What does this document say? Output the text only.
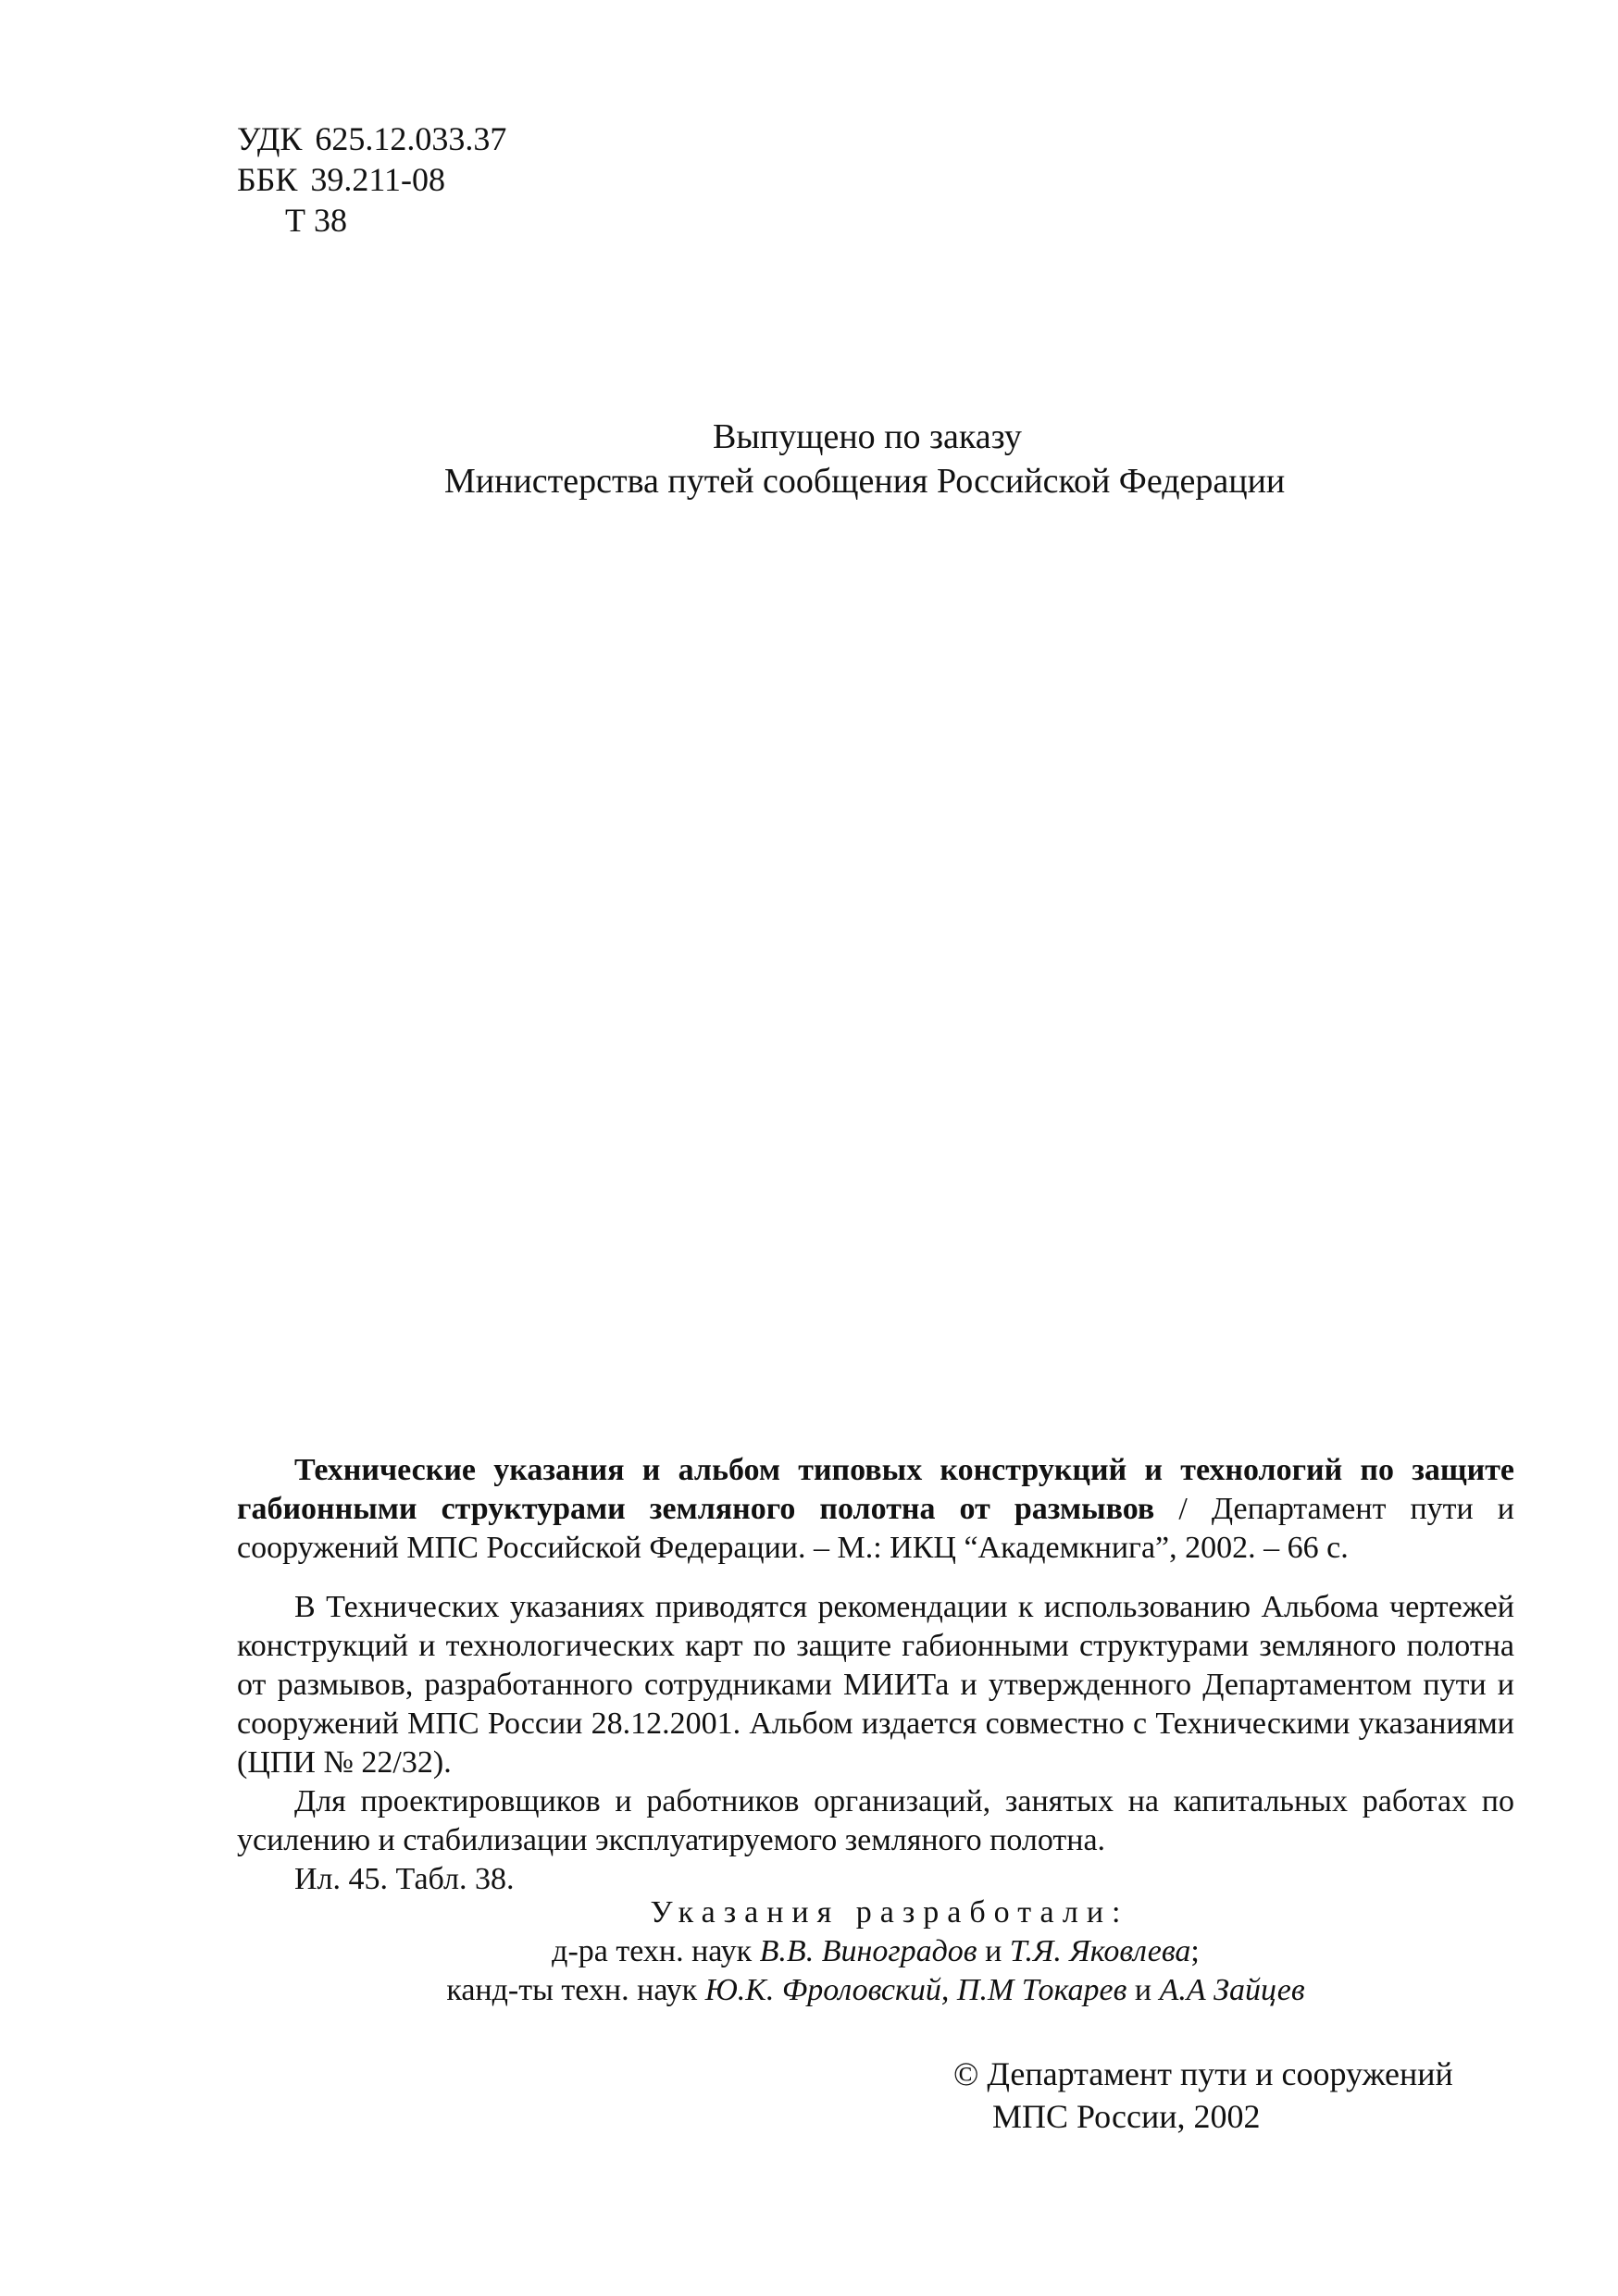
УДК 625.12.033.37
ББК 39.211-08
Т 38
Выпущено по заказу
Министерства путей сообщения Российской Федерации

Технические указания и альбом типовых конструкций и технологий по защите габионными структурами земляного полотна от размывов / Департамент пути и сооружений МПС Российской Федерации. – М.: ИКЦ “Академкнига”, 2002. – 66 с.

В Технических указаниях приводятся рекомендации к использованию Альбома чертежей конструкций и технологических карт по защите габионными структурами земляного полотна от размывов, разработанного сотрудниками МИИТа и утвержденного Департаментом пути и сооружений МПС России 28.12.2001. Альбом издается совместно с Техническими указаниями (ЦПИ № 22/32).

Для проектировщиков и работников организаций, занятых на капитальных работах по усилению и стабилизации эксплуатируемого земляного полотна.

Ил. 45. Табл. 38.

Указания разработали:
д-ра техн. наук В.В. Виноградов и Т.Я. Яковлева;
канд-ты техн. наук Ю.К. Фроловский, П.М Токарев и А.А Зайцев
© Департамент пути и сооружений
МПС России, 2002
